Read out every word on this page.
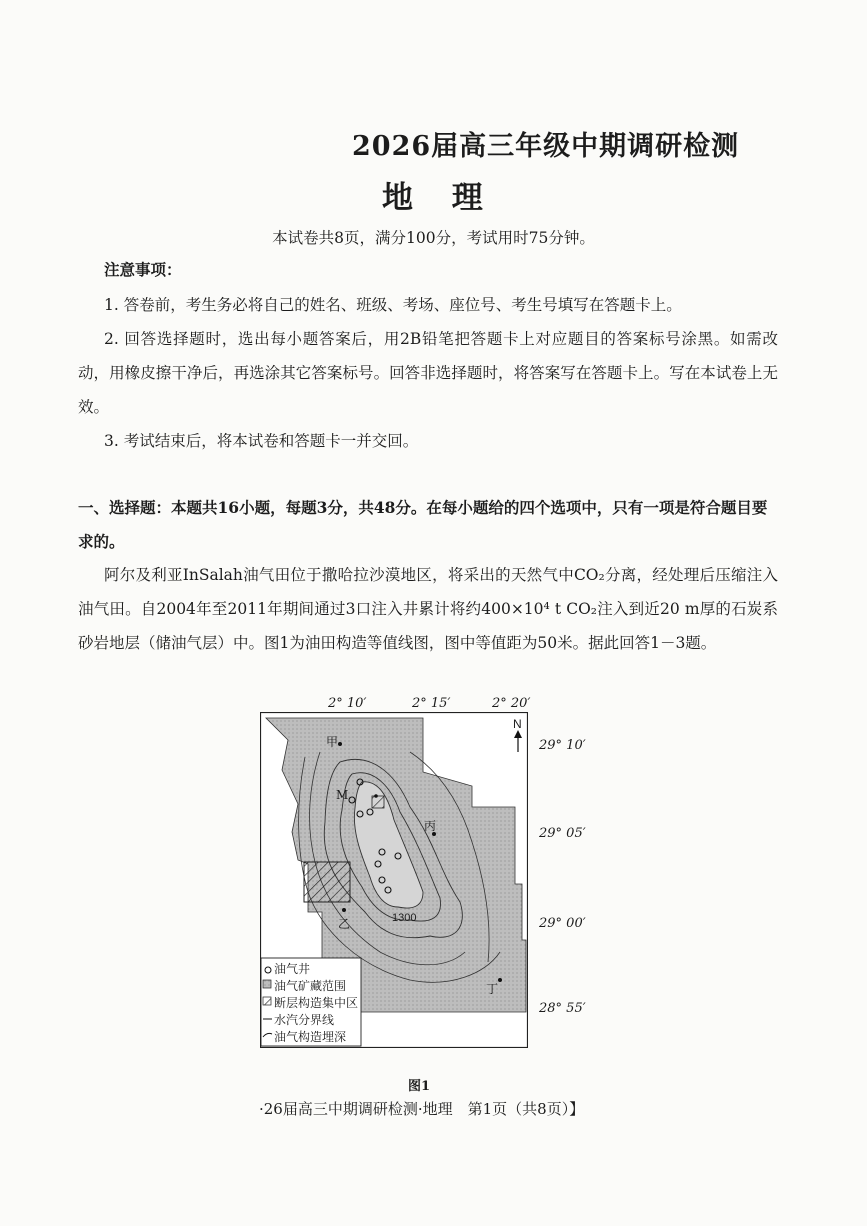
2026届高三年级中期调研检测
地 理
本试卷共8页，满分100分，考试用时75分钟。
注意事项：
1. 答卷前，考生务必将自己的姓名、班级、考场、座位号、考生号填写在答题卡上。
2. 回答选择题时，选出每小题答案后，用2B铅笔把答题卡上对应题目的答案标号涂黑。如需改动，用橡皮擦干净后，再选涂其它答案标号。回答非选择题时，将答案写在答题卡上。写在本试卷上无效。
3. 考试结束后，将本试卷和答题卡一并交回。
一、选择题：本题共16小题，每题3分，共48分。在每小题给的四个选项中，只有一项是符合题目要求的。
阿尔及利亚InSalah油气田位于撒哈拉沙漠地区，将采出的天然气中CO₂分离，经处理后压缩注入油气田。自2004年至2011年期间通过3口注入井累计将约400×10⁴ t CO₂注入到近20 m厚的石炭系砂岩地层（储油气层）中。图1为油田构造等值线图，图中等值距为50米。据此回答1－3题。
2° 10′	2° 15′	2° 20′
29° 10′
29° 05′
29° 00′
28° 55′
甲
M
丙
乙
丁
1300
N
油气井
油气矿藏范围
断层构造集中区
水汽分界线
油气构造埋深
图1
·26届高三中期调研检测·地理　第1页（共8页）】
